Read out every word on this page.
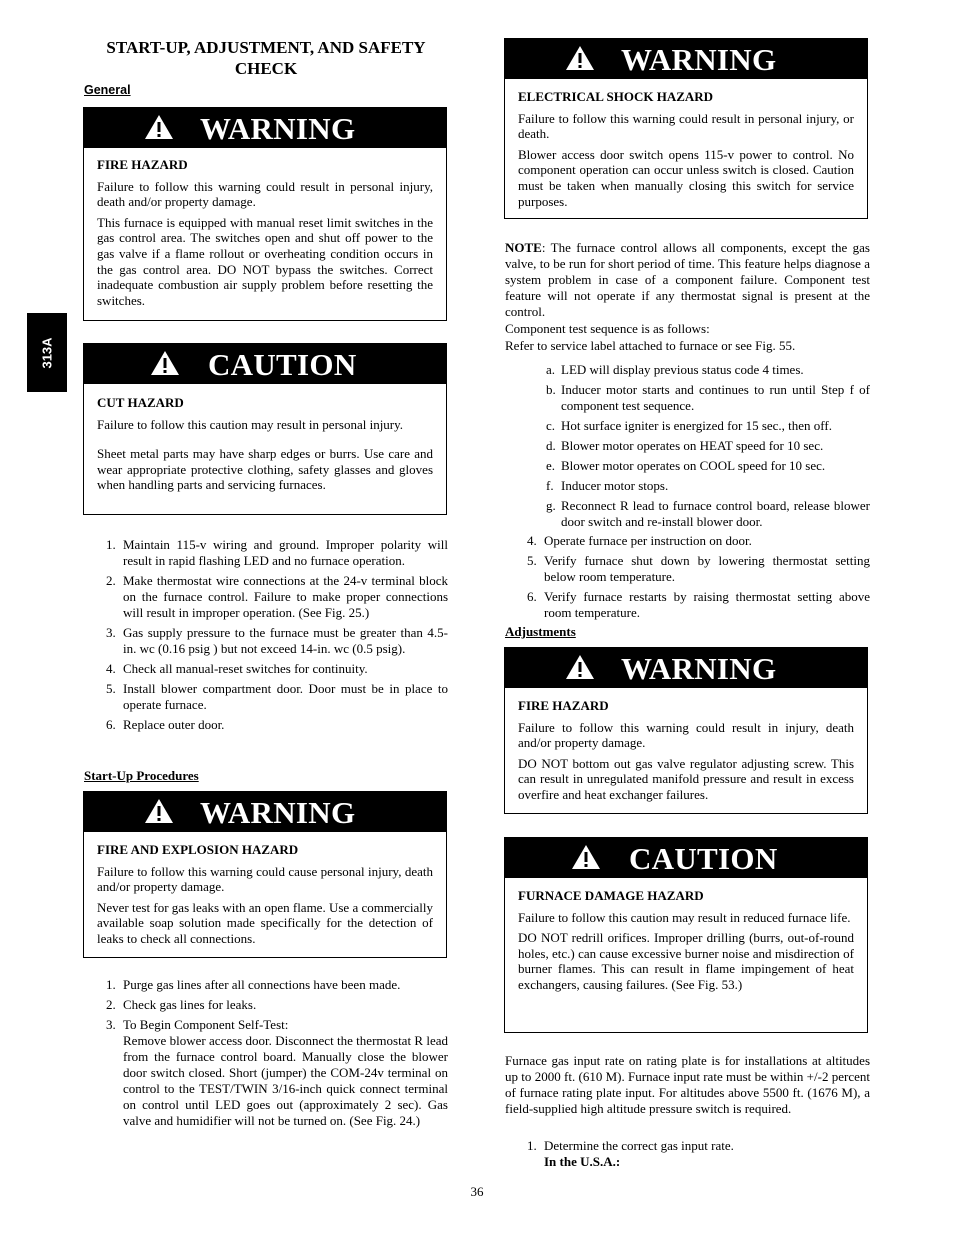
313A
START-UP, ADJUSTMENT, AND SAFETY CHECK
General
WARNING
FIRE HAZARD

Failure to follow this warning could result in personal injury, death and/or property damage.

This furnace is equipped with manual reset limit switches in the gas control area. The switches open and shut off power to the gas valve if a flame rollout or overheating condition occurs in the gas control area. DO NOT bypass the switches. Correct inadequate combustion air supply problem before resetting the switches.

CAUTION
CUT HAZARD

Failure to follow this caution may result in personal injury.

Sheet metal parts may have sharp edges or burrs. Use care and wear appropriate protective clothing, safety glasses and gloves when handling parts and servicing furnaces.

1. Maintain 115-v wiring and ground. Improper polarity will result in rapid flashing LED and no furnace operation.
2. Make thermostat wire connections at the 24-v terminal block on the furnace control. Failure to make proper connections will result in improper operation. (See Fig. 25.)
3. Gas supply pressure to the furnace must be greater than 4.5-in. wc (0.16 psig ) but not exceed 14-in. wc (0.5 psig).
4. Check all manual-reset switches for continuity.
5. Install blower compartment door. Door must be in place to operate furnace.
6. Replace outer door.
Start-Up Procedures
WARNING
FIRE AND EXPLOSION HAZARD

Failure to follow this warning could cause personal injury, death and/or property damage.

Never test for gas leaks with an open flame. Use a commercially available soap solution made specifically for the detection of leaks to check all connections.

1. Purge gas lines after all connections have been made.
2. Check gas lines for leaks.
3. To Begin Component Self-Test:
Remove blower access door. Disconnect the thermostat R lead from the furnace control board. Manually close the blower door switch closed. Short (jumper) the COM-24v terminal on control to the TEST/TWIN 3/16-inch quick connect terminal on control until LED goes out (approximately 2 sec). Gas valve and humidifier will not be turned on. (See Fig. 24.)
WARNING
ELECTRICAL SHOCK HAZARD

Failure to follow this warning could result in personal injury, or death.

Blower access door switch opens 115-v power to control. No component operation can occur unless switch is closed. Caution must be taken when manually closing this switch for service purposes.

NOTE: The furnace control allows all components, except the gas valve, to be run for short period of time. This feature helps diagnose a system problem in case of a component failure. Component test feature will not operate if any thermostat signal is present at the control.

Component test sequence is as follows:

Refer to service label attached to furnace or see Fig. 55.

a. LED will display previous status code 4 times.
b. Inducer motor starts and continues to run until Step f of component test sequence.
c. Hot surface igniter is energized for 15 sec., then off.
d. Blower motor operates on HEAT speed for 10 sec.
e. Blower motor operates on COOL speed for 10 sec.
f. Inducer motor stops.
g. Reconnect R lead to furnace control board, release blower door switch and re-install blower door.
4. Operate furnace per instruction on door.
5. Verify furnace shut down by lowering thermostat setting below room temperature.
6. Verify furnace restarts by raising thermostat setting above room temperature.
Adjustments
WARNING
FIRE HAZARD

Failure to follow this warning could result in injury, death and/or property damage.

DO NOT bottom out gas valve regulator adjusting screw. This can result in unregulated manifold pressure and result in excess overfire and heat exchanger failures.

CAUTION
FURNACE DAMAGE HAZARD

Failure to follow this caution may result in reduced furnace life.

DO NOT redrill orifices. Improper drilling (burrs, out-of-round holes, etc.) can cause excessive burner noise and misdirection of burner flames. This can result in flame impingement of heat exchangers, causing failures. (See Fig. 53.)

Furnace gas input rate on rating plate is for installations at altitudes up to 2000 ft. (610 M). Furnace input rate must be within +/-2 percent of furnace rating plate input. For altitudes above 5500 ft. (1676 M), a field-supplied high altitude pressure switch is required.

1. Determine the correct gas input rate.
In the U.S.A.:
36
